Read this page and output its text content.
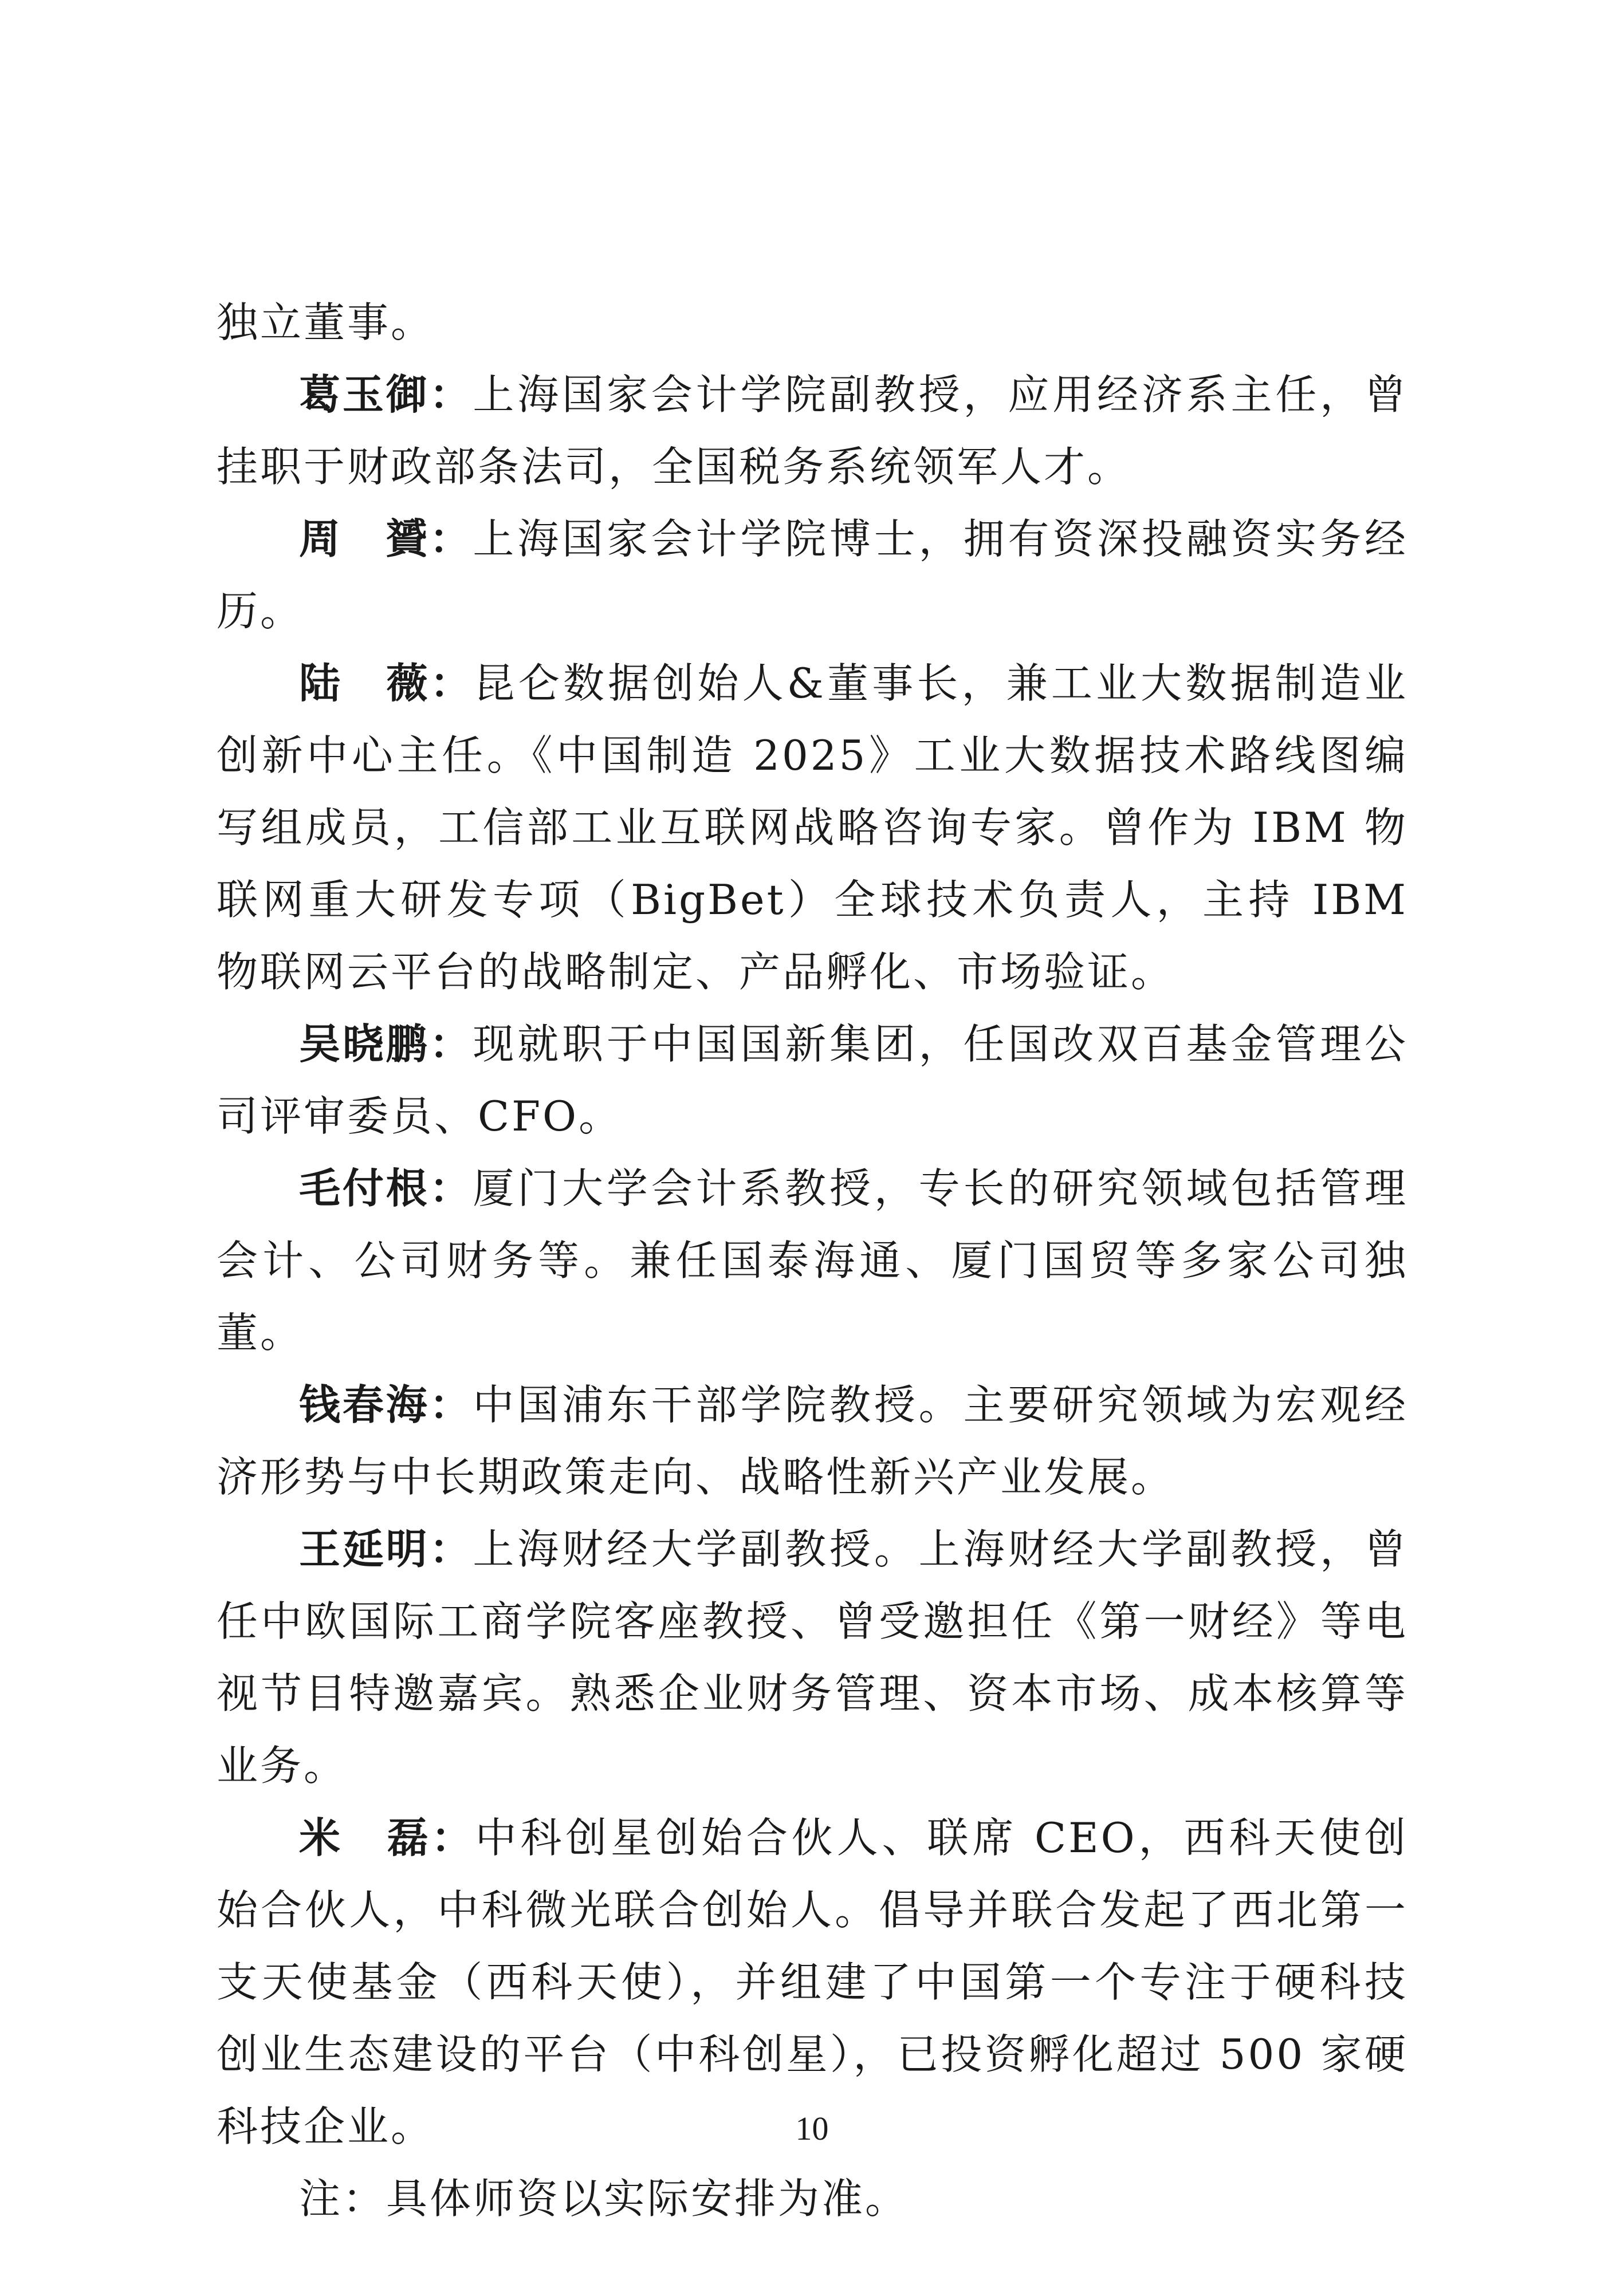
独立董事。

葛玉御：上海国家会计学院副教授，应用经济系主任，曾挂职于财政部条法司，全国税务系统领军人才。

周　贇：上海国家会计学院博士，拥有资深投融资实务经历。

陆　薇：昆仑数据创始人&董事长，兼工业大数据制造业创新中心主任。《中国制造 2025》工业大数据技术路线图编写组成员，工信部工业互联网战略咨询专家。曾作为 IBM 物联网重大研发专项（BigBet）全球技术负责人，主持 IBM 物联网云平台的战略制定、产品孵化、市场验证。

吴晓鹏：现就职于中国国新集团，任国改双百基金管理公司评审委员、CFO。

毛付根：厦门大学会计系教授，专长的研究领域包括管理会计、公司财务等。兼任国泰海通、厦门国贸等多家公司独董。

钱春海：中国浦东干部学院教授。主要研究领域为宏观经济形势与中长期政策走向、战略性新兴产业发展。

王延明：上海财经大学副教授。上海财经大学副教授，曾任中欧国际工商学院客座教授、曾受邀担任《第一财经》等电视节目特邀嘉宾。熟悉企业财务管理、资本市场、成本核算等业务。

米　磊：中科创星创始合伙人、联席 CEO，西科天使创始合伙人，中科微光联合创始人。倡导并联合发起了西北第一支天使基金（西科天使），并组建了中国第一个专注于硬科技创业生态建设的平台（中科创星），已投资孵化超过 500 家硬科技企业。

注：具体师资以实际安排为准。

10
